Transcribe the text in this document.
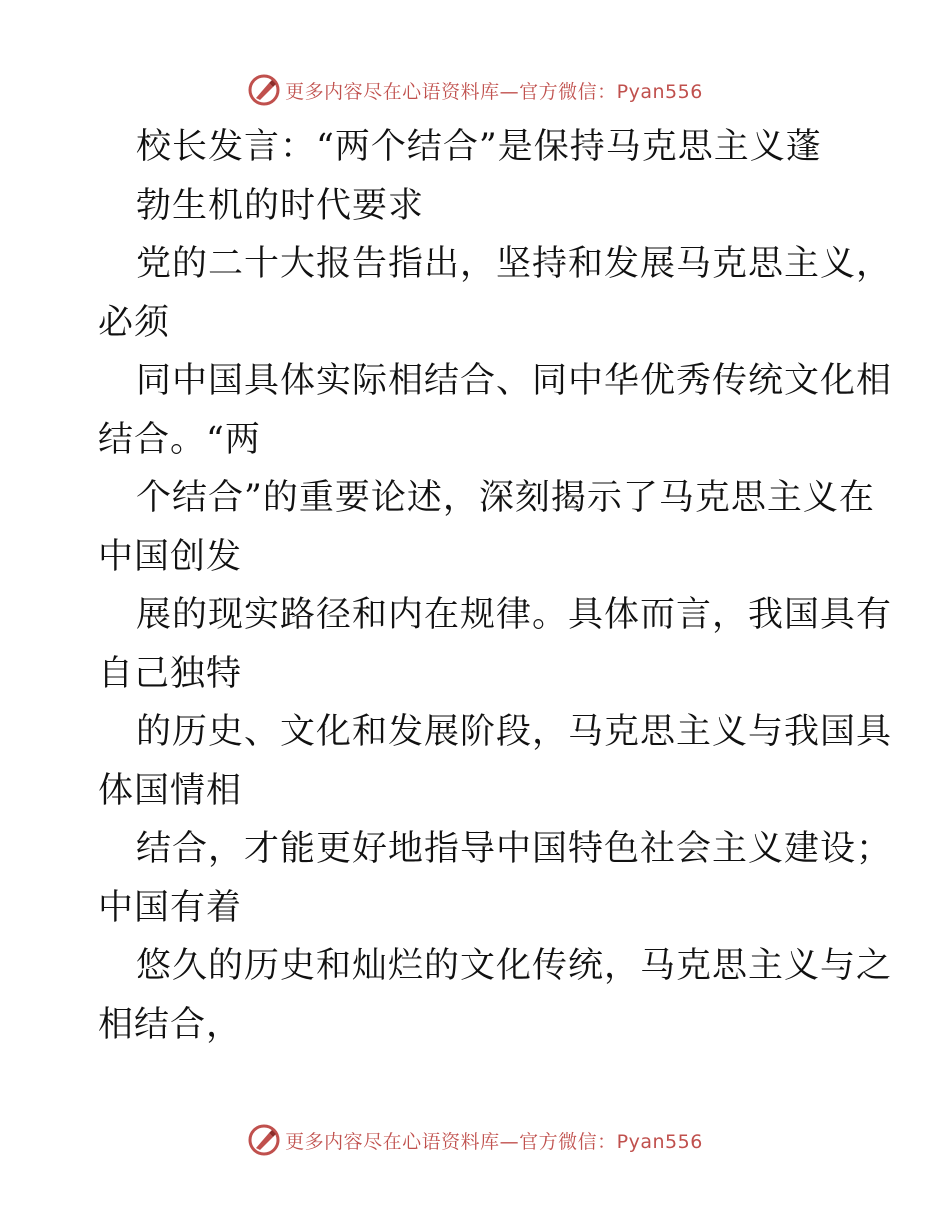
更多内容尽在心语资料库—官方微信：Pyan556
校长发言：“两个结合”是保持马克思主义蓬
勃生机的时代要求
党的二十大报告指出，坚持和发展马克思主义，
必须
同中国具体实际相结合、同中华优秀传统文化相
结合。“两
个结合”的重要论述，深刻揭示了马克思主义在
中国创发
展的现实路径和内在规律。具体而言，我国具有
自己独特
的历史、文化和发展阶段，马克思主义与我国具
体国情相
结合，才能更好地指导中国特色社会主义建设；
中国有着
悠久的历史和灿烂的文化传统，马克思主义与之
相结合，
更多内容尽在心语资料库—官方微信：Pyan556
